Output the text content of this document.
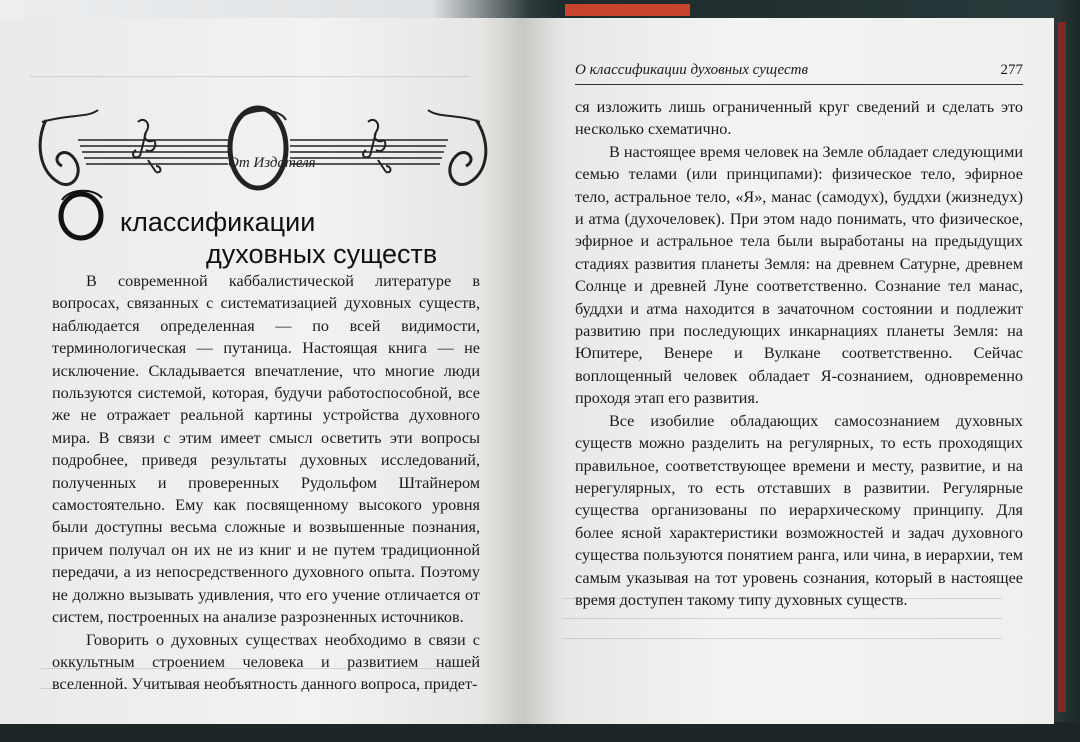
От Издателя
классификации
духовных существ

В современной каббалистической литературе в вопросах, связанных с систематизацией духовных существ, наблюдается определенная — по всей видимости, терминологическая — путаница. Настоящая книга — не исключение. Складывается впечатление, что многие люди пользуются системой, которая, будучи работоспособной, все же не отражает реальной картины устройства духовного мира. В связи с этим имеет смысл осветить эти вопросы подробнее, приведя результаты духовных исследований, полученных и проверенных Рудольфом Штайнером самостоятельно. Ему как посвященному высокого уровня были доступны весьма сложные и возвышенные познания, причем получал он их не из книг и не путем традиционной передачи, а из непосредственного духовного опыта. Поэтому не должно вызывать удивления, что его учение отличается от систем, построенных на анализе разрозненных источников.

Говорить о духовных существах необходимо в связи с оккультным строением человека и развитием нашей вселенной. Учитывая необъятность данного вопроса, придет-

О классификации духовных существ	277

ся изложить лишь ограниченный круг сведений и сделать это несколько схематично.

В настоящее время человек на Земле обладает следующими семью телами (или принципами): физическое тело, эфирное тело, астральное тело, «Я», манас (самодух), буддхи (жизнедух) и атма (духочеловек). При этом надо понимать, что физическое, эфирное и астральное тела были выработаны на предыдущих стадиях развития планеты Земля: на древнем Сатурне, древнем Солнце и древней Луне соответственно. Сознание тел манас, буддхи и атма находится в зачаточном состоянии и подлежит развитию при последующих инкарнациях планеты Земля: на Юпитере, Венере и Вулкане соответственно. Сейчас воплощенный человек обладает Я-сознанием, одновременно проходя этап его развития.

Все изобилие обладающих самосознанием духовных существ можно разделить на регулярных, то есть проходящих правильное, соответствующее времени и месту, развитие, и на нерегулярных, то есть отставших в развитии. Регулярные существа организованы по иерархическому принципу. Для более ясной характеристики возможностей и задач духовного существа пользуются понятием ранга, или чина, в иерархии, тем самым указывая на тот уровень сознания, который в настоящее время доступен такому типу духовных существ.
